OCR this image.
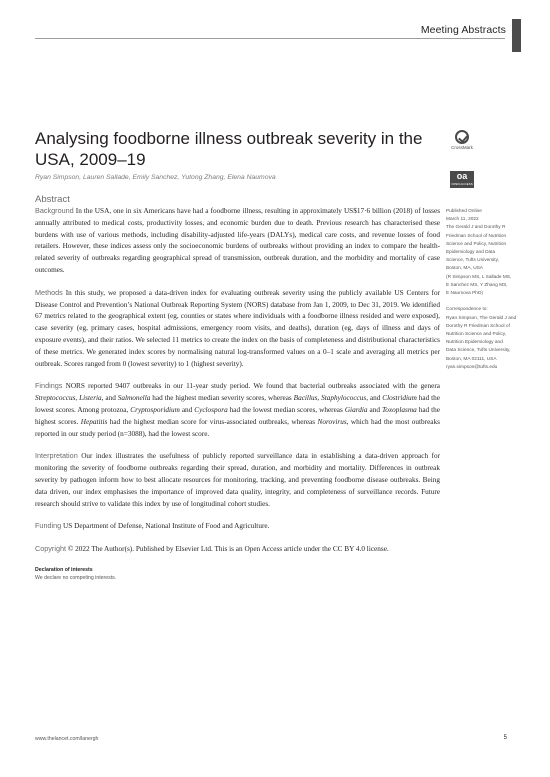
Meeting Abstracts
Analysing foodborne illness outbreak severity in the USA, 2009–19
CrossMark
oa
OPEN ACCESS
Ryan Simpson, Lauren Sallade, Emily Sanchez, Yutong Zhang, Elena Naumova
Abstract

Background In the USA, one in six Americans have had a foodborne illness, resulting in approximately US$17·6 billion (2018) of losses annually attributed to medical costs, productivity losses, and economic burden due to death. Previous research has characterised these burdens with use of various methods, including disability-adjusted life-years (DALYs), medical care costs, and revenue losses of food retailers. However, these indices assess only the socioeconomic burdens of outbreaks without providing an index to compare the health-related severity of outbreaks regarding geographical spread of transmission, outbreak duration, and the morbidity and mortality of case outcomes.

Methods In this study, we proposed a data-driven index for evaluating outbreak severity using the publicly available US Centers for Disease Control and Prevention’s National Outbreak Reporting System (NORS) database from Jan 1, 2009, to Dec 31, 2019. We identified 67 metrics related to the geographical extent (eg, counties or states where individuals with a foodborne illness resided and were exposed), case severity (eg, primary cases, hospital admissions, emergency room visits, and deaths), duration (eg, days of illness and days of exposure events), and their ratios. We selected 11 metrics to create the index on the basis of completeness and distributional characteristics of these metrics. We generated index scores by normalising natural log-transformed values on a 0–1 scale and averaging all metrics per outbreak. Scores ranged from 0 (lowest severity) to 1 (highest severity).

Findings NORS reported 9407 outbreaks in our 11-year study period. We found that bacterial outbreaks associated with the genera Streptococcus, Listeria, and Salmonella had the highest median severity scores, whereas Bacillus, Staphylococcus, and Clostridium had the lowest scores. Among protozoa, Cryptosporidium and Cyclospora had the lowest median scores, whereas Giardia and Toxoplasma had the highest scores. Hepatitis had the highest median score for virus-associated outbreaks, whereas Norovirus, which had the most outbreaks reported in our study period (n=3088), had the lowest score.

Interpretation Our index illustrates the usefulness of publicly reported surveillance data in establishing a data-driven approach for monitoring the severity of foodborne outbreaks regarding their spread, duration, and morbidity and mortality. Differences in outbreak severity by pathogen inform how to best allocate resources for monitoring, tracking, and preventing foodborne disease outbreaks. Being data driven, our index emphasises the importance of improved data quality, integrity, and completeness of surveillance records. Future research should strive to validate this index by use of longitudinal cohort studies.

Funding US Department of Defense, National Institute of Food and Agriculture.

Copyright © 2022 The Author(s). Published by Elsevier Ltd. This is an Open Access article under the CC BY 4.0 license.

Declaration of interests

We declare no competing interests.

Published Online

March 11, 2022

The Gerald J and Dorothy R

Friedman School of Nutrition

Science and Policy, Nutrition

Epidemiology and Data

Science, Tufts University,

Boston, MA, USA

(R Simpson MS, L Sallade MS,

E Sanchez MS, Y Zhang MS,

E Naumova PhD)

Correspondence to:

Ryan Simpson, The Gerald J and

Dorothy R Friedman School of

Nutrition Science and Policy,

Nutrition Epidemiology and

Data Science, Tufts University,

Boston, MA 02111, USA

ryan.simpson@tufts.edu

www.thelancet.com/lanergh	5
